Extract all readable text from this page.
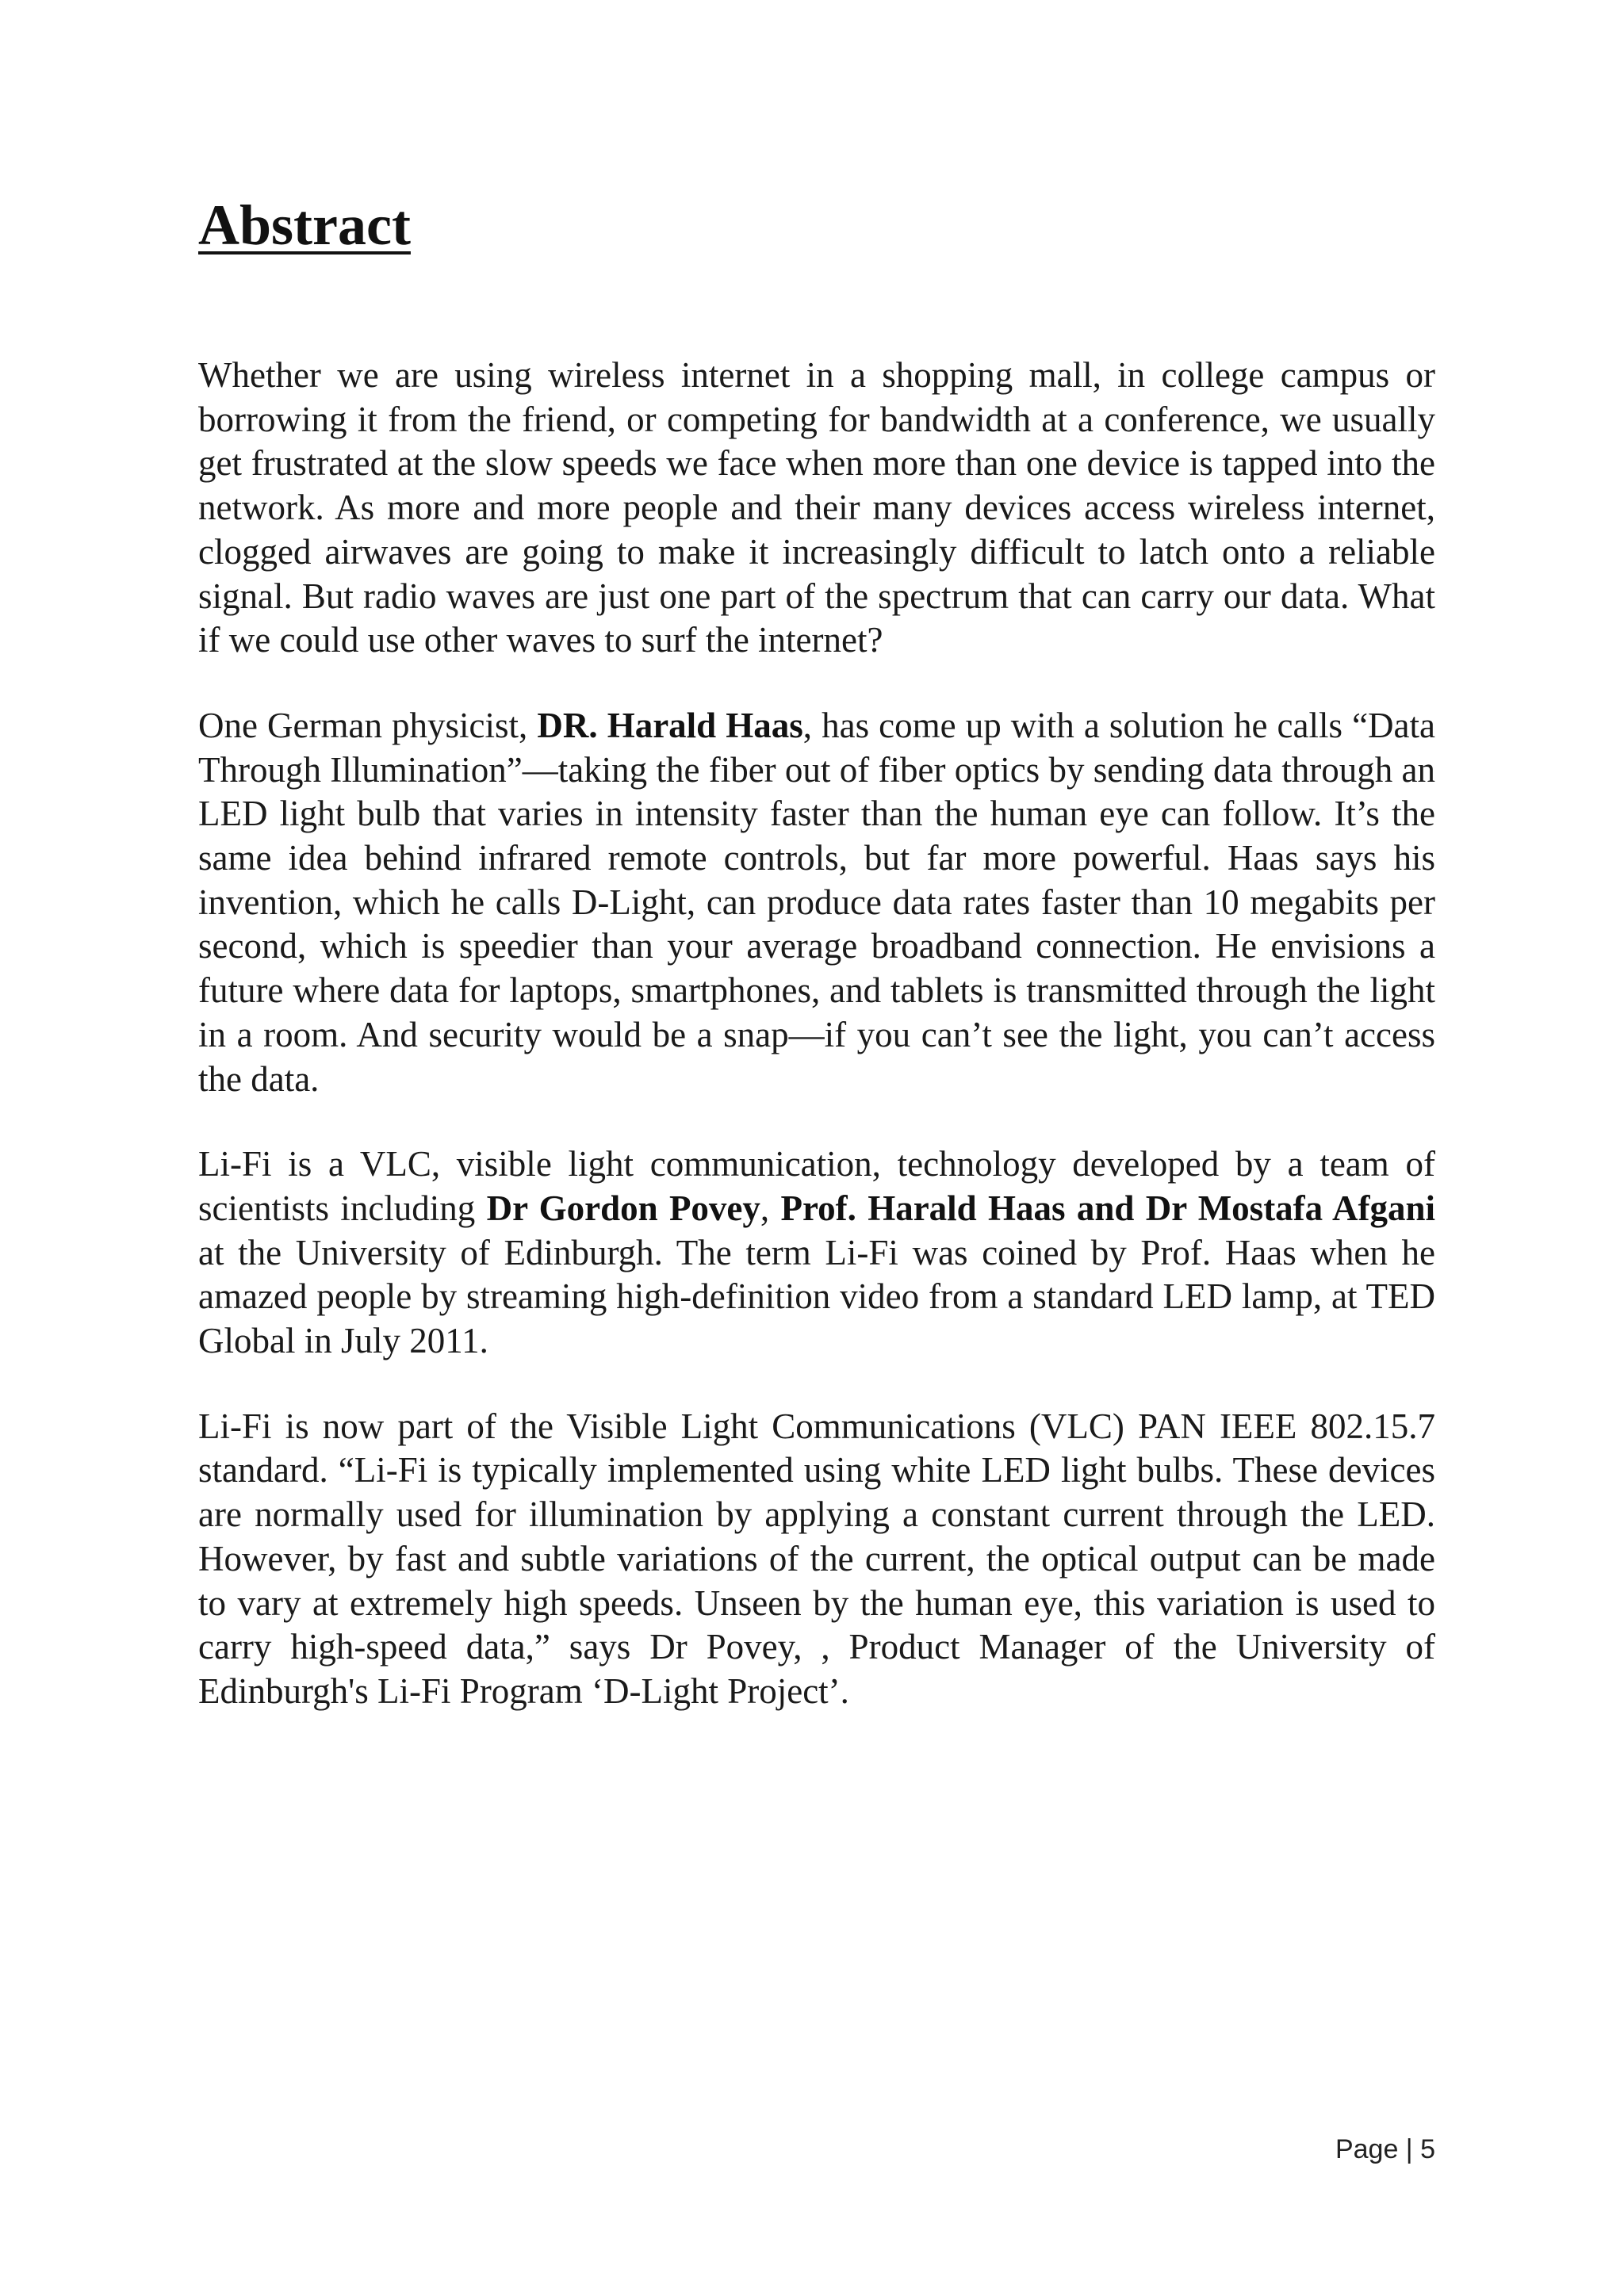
Abstract

Whether we are using wireless internet in a shopping mall, in college campus or borrowing it from the friend, or competing for bandwidth at a conference, we usually get frustrated at the slow speeds we face when more than one device is tapped into the network. As more and more people and their many devices access wireless internet, clogged airwaves are going to make it increasingly difficult to latch onto a reliable signal. But radio waves are just one part of the spectrum that can carry our data. What if we could use other waves to surf the internet?

One German physicist, DR. Harald Haas, has come up with a solution he calls “Data Through Illumination”—taking the fiber out of fiber optics by sending data through an LED light bulb that varies in intensity faster than the human eye can follow. It’s the same idea behind infrared remote controls, but far more powerful. Haas says his invention, which he calls D-Light, can produce data rates faster than 10 megabits per second, which is speedier than your average broadband connection. He envisions a future where data for laptops, smartphones, and tablets is transmitted through the light in a room. And security would be a snap—if you can’t see the light, you can’t access the data.

Li-Fi is a VLC, visible light communication, technology developed by a team of scientists including Dr Gordon Povey, Prof. Harald Haas and Dr Mostafa Afgani at the University of Edinburgh. The term Li-Fi was coined by Prof. Haas when he amazed people by streaming high-definition video from a standard LED lamp, at TED Global in July 2011.

Li-Fi is now part of the Visible Light Communications (VLC) PAN IEEE 802.15.7 standard. “Li-Fi is typically implemented using white LED light bulbs. These devices are normally used for illumination by applying a constant current through the LED. However, by fast and subtle variations of the current, the optical output can be made to vary at extremely high speeds. Unseen by the human eye, this variation is used to carry high-speed data,” says Dr Povey, , Product Manager of the University of Edinburgh's Li-Fi Program ‘D-Light Project’.

Page | 5
